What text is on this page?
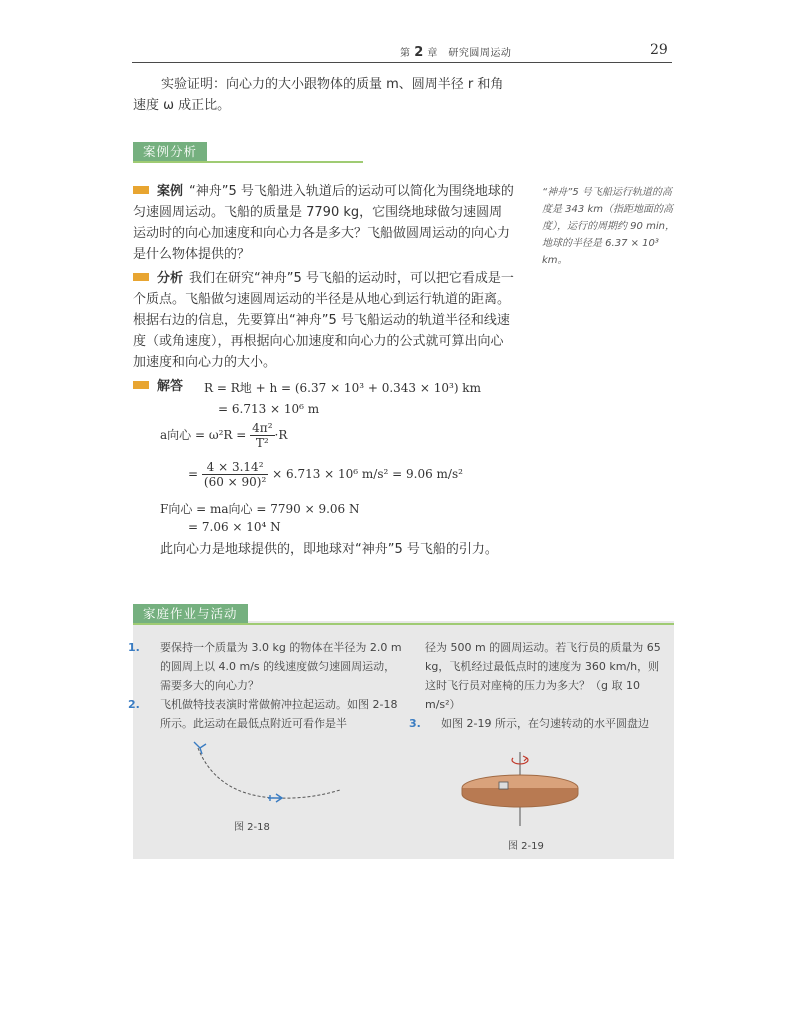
第 2 章　 研究圆周运动	29
实验证明：向心力的大小跟物体的质量 m、圆周半径 r 和角速度 ω 成正比。
案例分析
案例 “神舟”5 号飞船进入轨道后的运动可以简化为围绕地球的匀速圆周运动。飞船的质量是 7790 kg，它围绕地球做匀速圆周运动时的向心加速度和向心力各是多大？飞船做圆周运动的向心力是什么物体提供的？
“神舟”5 号飞船运行轨道的高度是 343 km（指距地面的高度），运行的周期约 90 min，地球的半径是 6.37 × 10³ km。
分析 我们在研究“神舟”5 号飞船的运动时，可以把它看成是一个质点。飞船做匀速圆周运动的半径是从地心到运行轨道的距离。根据右边的信息，先要算出“神舟”5 号飞船运动的轨道半径和线速度（或角速度），再根据向心加速度和向心力的公式就可算出向心加速度和向心力的大小。
解答	R = R地 + h = (6.37 × 10³ + 0.343 × 10³) km
= 6.713 × 10⁶ m
a向心 = $\omega^2R = \frac{\text{4π²}}{\text{T²}} \cdot R$
= $\frac{\text{4 × 3.14²}}{\text{(60 × 90)²}} \times 6.713 \times 10^6$ m/s² = 9.06 m/s²
F向心 = ma向心 = 7790 × 9.06 N
= 7.06 × 10⁴ N
此向心力是地球提供的，即地球对“神舟”5 号飞船的引力。
家庭作业与活动
1. 要保持一个质量为 3.0 kg 的物体在半径为 2.0 m 的圆周上以 4.0 m/s 的线速度做匀速圆周运动，需要多大的向心力？
2. 飞机做特技表演时常做俯冲拉起运动。如图 2-18 所示。此运动在最低点附近可看作是半
径为 500 m 的圆周运动。若飞行员的质量为 65 kg，飞机经过最低点时的速度为 360 km/h，则这时飞行员对座椅的压力为多大？（g 取 10 m/s²）
3. 如图 2-19 所示，在匀速转动的水平圆盘边
图 2-18
图 2-19
